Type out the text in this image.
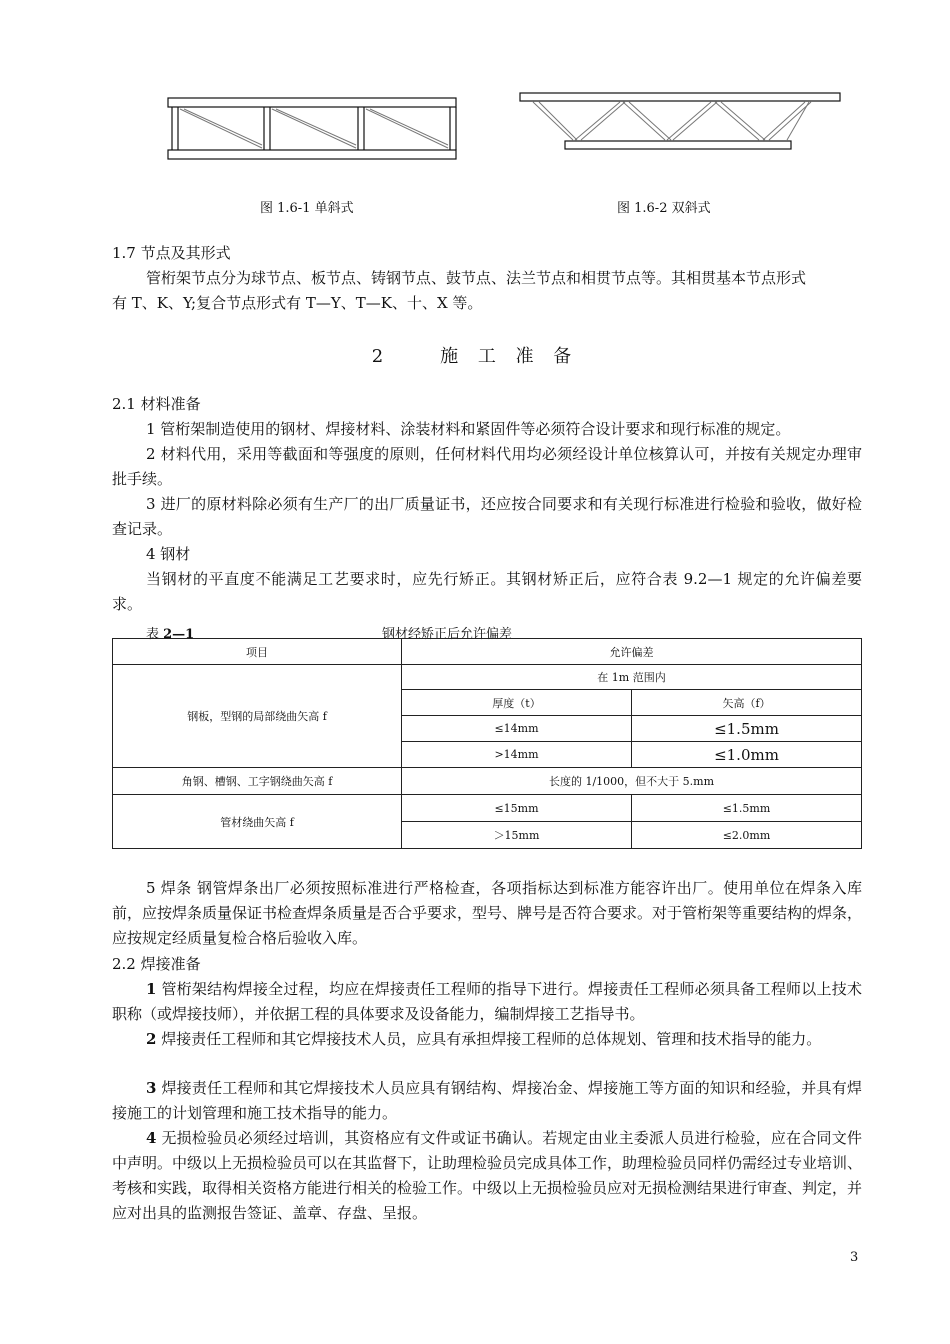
图 1.6-1 单斜式	图 1.6-2 双斜式
1.7 节点及其形式
管桁架节点分为球节点、板节点、铸钢节点、鼓节点、法兰节点和相贯节点等。其相贯基本节点形式
有 T、K、Y;复合节点形式有 T—Y、T—K、十、X 等。
2	施 工 准 备
2.1 材料准备

1 管桁架制造使用的钢材、焊接材料、涂装材料和紧固件等必须符合设计要求和现行标准的规定。

2 材料代用，采用等截面和等强度的原则，任何材料代用均必须经设计单位核算认可，并按有关规定办理审批手续。

3 进厂的原材料除必须有生产厂的出厂质量证书，还应按合同要求和有关现行标准进行检验和验收，做好检查记录。

4 钢材

当钢材的平直度不能满足工艺要求时，应先行矫正。其钢材矫正后，应符合表 9.2—1 规定的允许偏差要求。

表 2—1	钢材经矫正后允许偏差
项目	允许偏差	
钢板，型钢的局部绕曲矢高 f	在 1m 范围内	
	厚度（t）	矢高（f）
	≤14mm	≤1.5mm
	>14mm	≤1.0mm
角钢、槽钢、工字钢绕曲矢高 f	长度的 1/1000，但不大于 5.mm	
管材绕曲矢高 f	≤15mm	≤1.5mm
	＞15mm	≤2.0mm

5 焊条 钢管焊条出厂必须按照标准进行严格检查，各项指标达到标准方能容许出厂。使用单位在焊条入库前，应按焊条质量保证书检查焊条质量是否合乎要求，型号、牌号是否符合要求。对于管桁架等重要结构的焊条，应按规定经质量复检合格后验收入库。

2.2 焊接准备

1 管桁架结构焊接全过程，均应在焊接责任工程师的指导下进行。焊接责任工程师必须具备工程师以上技术职称（或焊接技师），并依据工程的具体要求及设备能力，编制焊接工艺指导书。

2 焊接责任工程师和其它焊接技术人员，应具有承担焊接工程师的总体规划、管理和技术指导的能力。

3 焊接责任工程师和其它焊接技术人员应具有钢结构、焊接冶金、焊接施工等方面的知识和经验，并具有焊接施工的计划管理和施工技术指导的能力。

4 无损检验员必须经过培训，其资格应有文件或证书确认。若规定由业主委派人员进行检验，应在合同文件中声明。中级以上无损检验员可以在其监督下，让助理检验员完成具体工作，助理检验员同样仍需经过专业培训、考核和实践，取得相关资格方能进行相关的检验工作。中级以上无损检验员应对无损检测结果进行审查、判定，并应对出具的监测报告签证、盖章、存盘、呈报。

3
